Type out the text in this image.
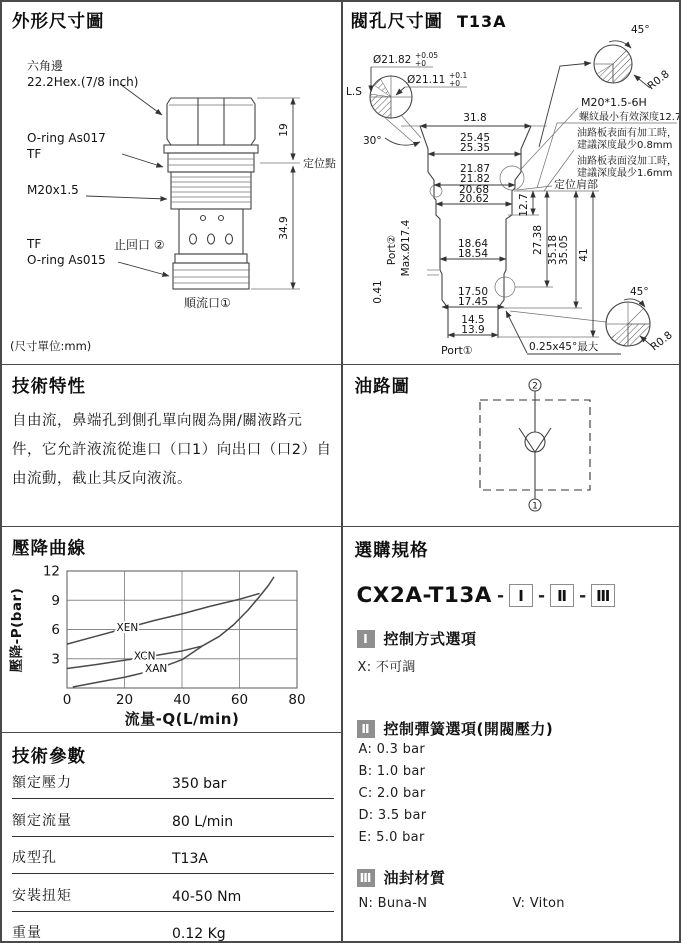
外形尺寸圖
19
34.9
定位點
六角邊
22.2Hex.(7/8 inch)
O-ring As017
TF
M20x1.5
止回口 ②
TF
O-ring As015
順流口①
(尺寸單位:mm)
閥孔尺寸圖 T13A
L.S
Ø21.82 +0.05
+0
Ø21.11 +0.1
+0
30°
45°
R0.8
M20*1.5-6H
螺紋最小有效深度12.7
油路板表面有加工時，
建議深度最少0.8mm
油路板表面沒加工時，
建議深度最少1.6mm
31.8
25.45
25.35
21.87
21.82
20.68
20.62
18.64
18.54
17.50
17.45
14.5
13.9
12.7
27.38 35.18 35.05 41
定位肩部
Port② Max.Ø17.4
0.41
Port①	0.25x45°最大
45°
R0.8
技術特性
自由流，鼻端孔到側孔單向閥為開/關液路元件，它允許液流從進口（口1）向出口（口2）自由流動，截止其反向液流。
油路圖	2
1
壓降曲線
XEN
XCN
XAN
0	20	40	60	80
3
6
9
12
流量-Q(L/min)
壓降-P(bar)
技術參數
額定壓力	350 bar
額定流量	80 L/min
成型孔	T13A
安裝扭矩	40-50 Nm
重量	0.12 Kg
選購規格
CX2A-T13A - Ⅰ - Ⅱ - Ⅲ
Ⅰ	控制方式選項
X: 不可調
Ⅱ 控制彈簧選項(開閥壓力)
A: 0.3 bar
B: 1.0 bar
C: 2.0 bar
D: 3.5 bar
E: 5.0 bar
Ⅲ 油封材質
N: Buna-N	V: Viton
